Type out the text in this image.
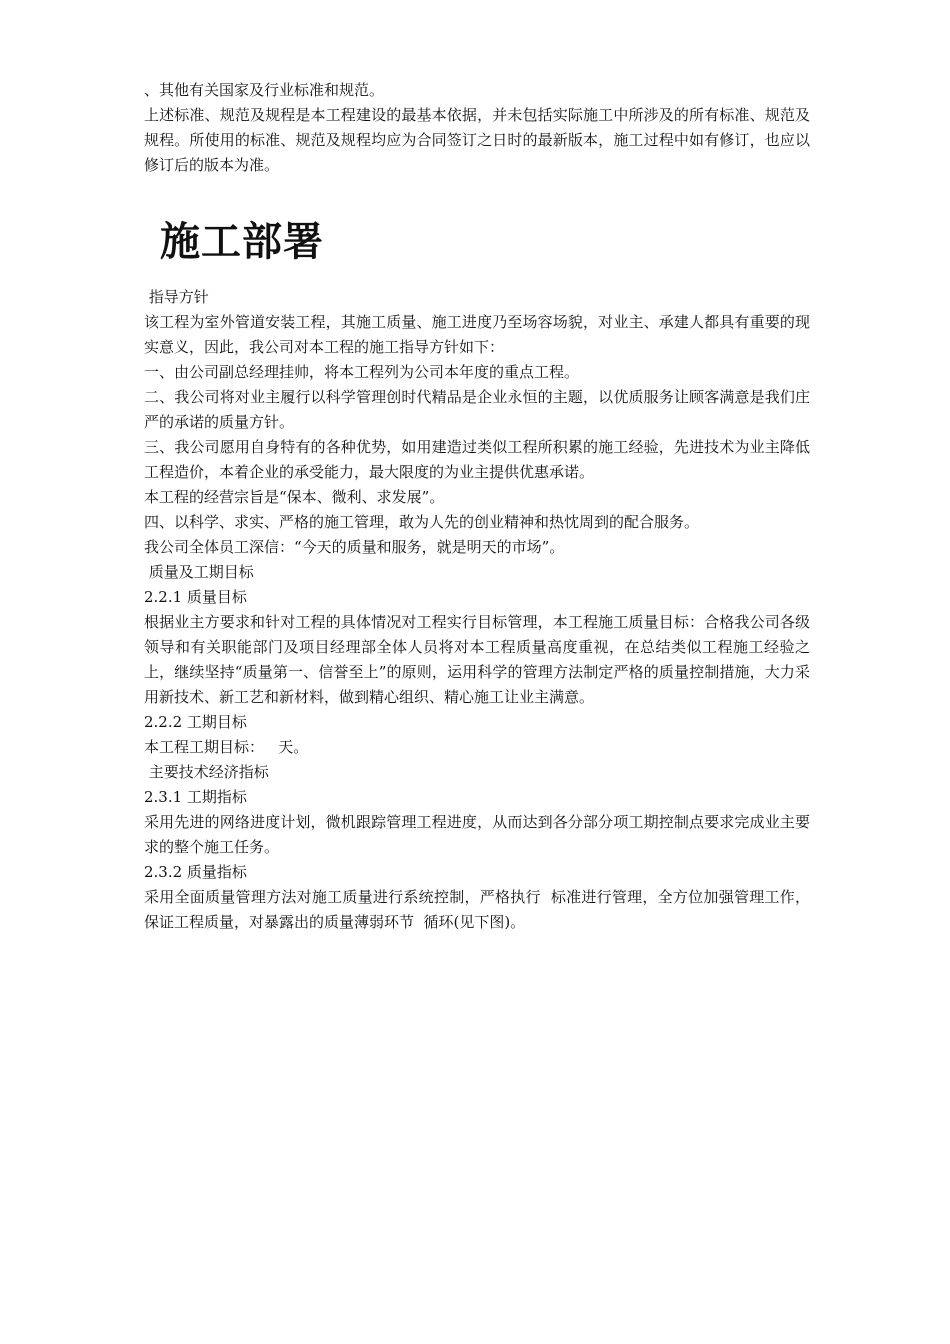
、其他有关国家及行业标准和规范。

上述标准、规范及规程是本工程建设的最基本依据，并未包括实际施工中所涉及的所有标准、规范及规程。所使用的标准、规范及规程均应为合同签订之日时的最新版本，施工过程中如有修订，也应以修订后的版本为准。

施工部署

指导方针

该工程为室外管道安装工程，其施工质量、施工进度乃至场容场貌，对业主、承建人都具有重要的现实意义，因此，我公司对本工程的施工指导方针如下：

一、由公司副总经理挂帅，将本工程列为公司本年度的重点工程。

二、我公司将对业主履行以科学管理创时代精品是企业永恒的主题，以优质服务让顾客满意是我们庄严的承诺的质量方针。

三、我公司愿用自身特有的各种优势，如用建造过类似工程所积累的施工经验，先进技术为业主降低工程造价，本着企业的承受能力，最大限度的为业主提供优惠承诺。

本工程的经营宗旨是“保本、微利、求发展”。

四、以科学、求实、严格的施工管理，敢为人先的创业精神和热忱周到的配合服务。

我公司全体员工深信：“今天的质量和服务，就是明天的市场”。

质量及工期目标

2.2.1 质量目标

根据业主方要求和针对工程的具体情况对工程实行目标管理，本工程施工质量目标：合格我公司各级领导和有关职能部门及项目经理部全体人员将对本工程质量高度重视，在总结类似工程施工经验之上，继续坚持“质量第一、信誉至上”的原则，运用科学的管理方法制定严格的质量控制措施，大力采用新技术、新工艺和新材料，做到精心组织、精心施工让业主满意。

2.2.2 工期目标

本工程工期目标：   天。

主要技术经济指标

2.3.1 工期指标

采用先进的网络进度计划，微机跟踪管理工程进度，从而达到各分部分项工期控制点要求完成业主要求的整个施工任务。

2.3.2 质量指标

采用全面质量管理方法对施工质量进行系统控制，严格执行  标准进行管理，全方位加强管理工作，保证工程质量，对暴露出的质量薄弱环节  循环(见下图)。
